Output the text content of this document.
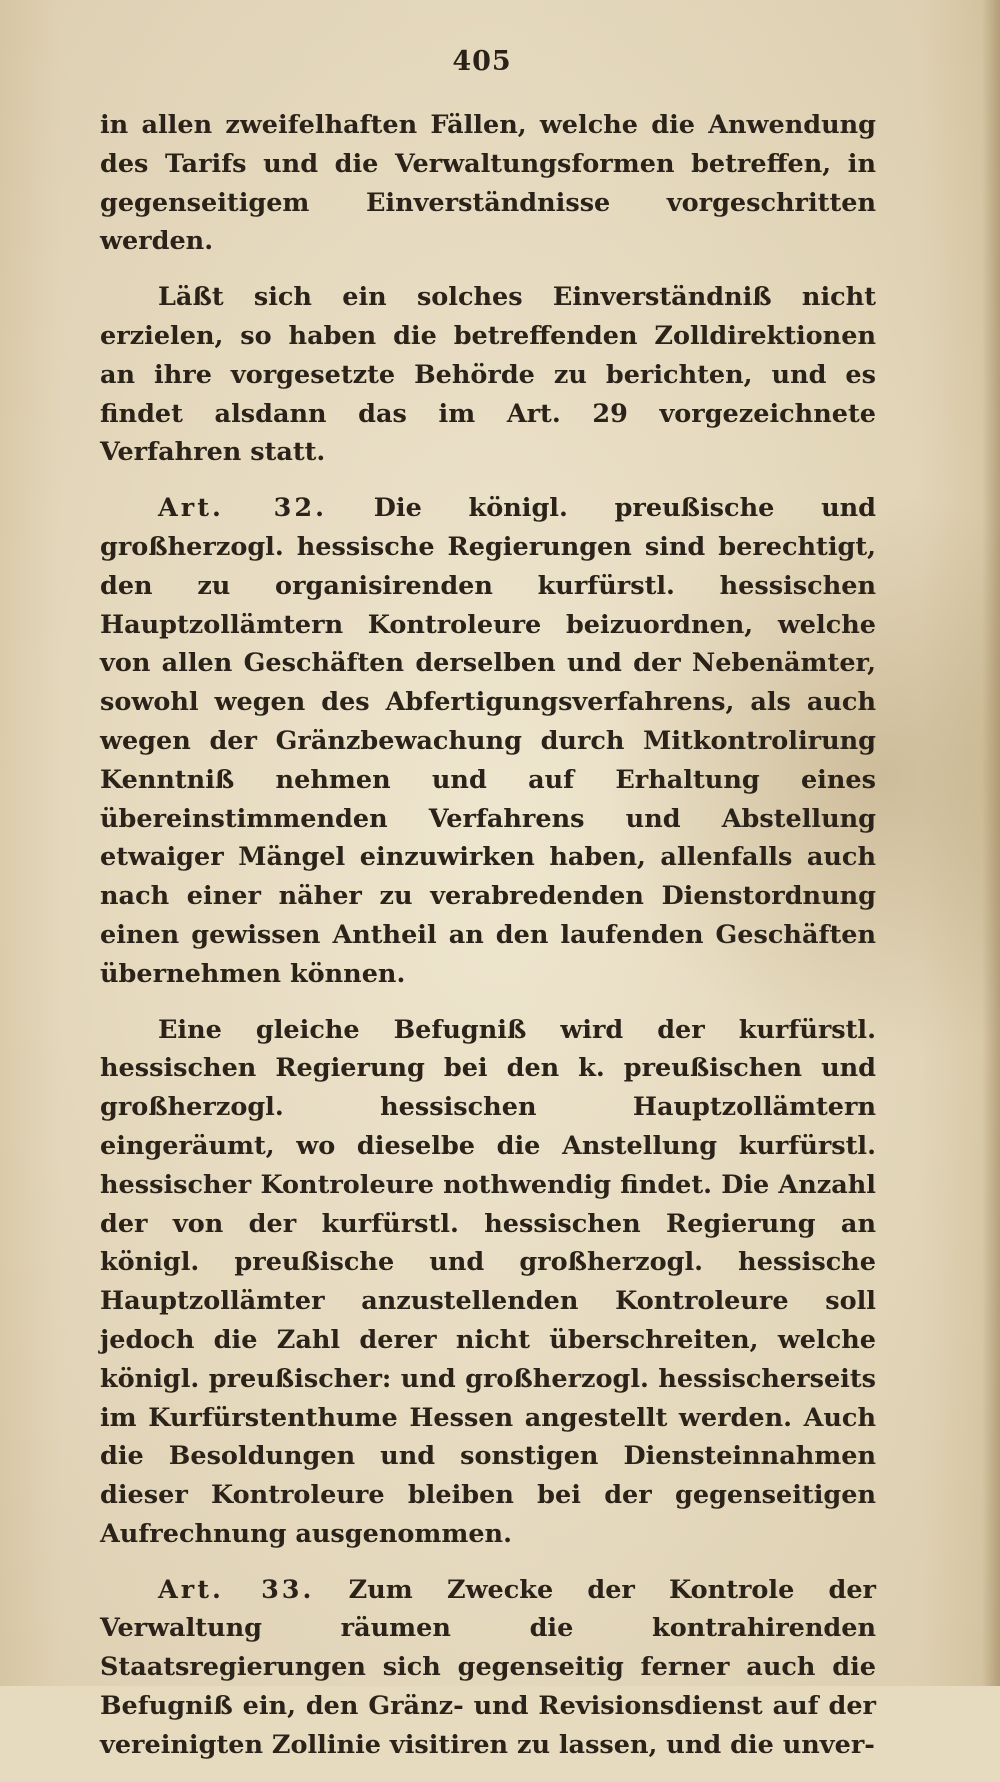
405

in allen zweifelhaften Fällen, welche die Anwendung des Tarifs und die Verwaltungsformen betreffen, in gegenseitigem Einverständnisse vorgeschritten werden.

Läßt sich ein solches Einverständniß nicht erzielen, so haben die betreffenden Zolldirektionen an ihre vorgesetzte Behörde zu berichten, und es findet alsdann das im Art. 29 vorgezeichnete Verfahren statt.

Art. 32. Die königl. preußische und großherzogl. hessische Regierungen sind berechtigt, den zu organisirenden kurfürstl. hessischen Hauptzollämtern Kontroleure beizuordnen, welche von allen Geschäften derselben und der Nebenämter, sowohl wegen des Abfertigungsverfahrens, als auch wegen der Gränzbewachung durch Mitkontrolirung Kenntniß nehmen und auf Erhaltung eines übereinstimmenden Verfahrens und Abstellung etwaiger Mängel einzuwirken haben, allenfalls auch nach einer näher zu verabredenden Dienstordnung einen gewissen Antheil an den laufenden Geschäften übernehmen können.

Eine gleiche Befugniß wird der kurfürstl. hessischen Regierung bei den k. preußischen und großherzogl. hessischen Hauptzollämtern eingeräumt, wo dieselbe die Anstellung kurfürstl. hessischer Kontroleure nothwendig findet. Die Anzahl der von der kurfürstl. hessischen Regierung an königl. preußische und großherzogl. hessische Hauptzollämter anzustellenden Kontroleure soll jedoch die Zahl derer nicht überschreiten, welche königl. preußischer: und großherzogl. hessischerseits im Kurfürstenthume Hessen angestellt werden. Auch die Besoldungen und sonstigen Diensteinnahmen dieser Kontroleure bleiben bei der gegenseitigen Aufrechnung ausgenommen.

Art. 33. Zum Zwecke der Kontrole der Verwaltung räumen die kontrahirenden Staatsregierungen sich gegenseitig ferner auch die Befugniß ein, den Gränz- und Revisionsdienst auf der vereinigten Zollinie visitiren zu lassen, und die unver-
